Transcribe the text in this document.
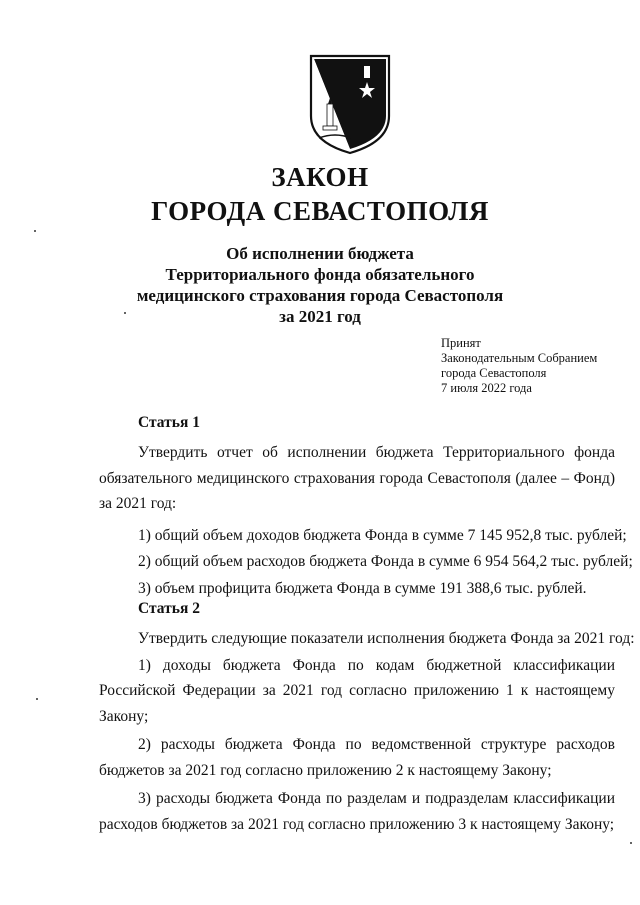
ЗАКОН
ГОРОДА СЕВАСТОПОЛЯ
Об исполнении бюджета
Территориального фонда обязательного
медицинского страхования города Севастополя
за 2021 год
Принят
Законодательным Собранием
города Севастополя
7 июля 2022 года
Статья 1
Утвердить отчет об исполнении бюджета Территориального фонда
обязательного медицинского страхования города Севастополя (далее – Фонд)
за 2021 год:
1) общий объем доходов бюджета Фонда в сумме 7 145 952,8 тыс. рублей;
2) общий объем расходов бюджета Фонда в сумме 6 954 564,2 тыс. рублей;
3) объем профицита бюджета Фонда в сумме 191 388,6 тыс. рублей.
Статья 2
Утвердить следующие показатели исполнения бюджета Фонда за 2021 год:
1) доходы бюджета Фонда по кодам бюджетной классификации
Российской Федерации за 2021 год согласно приложению 1 к настоящему
Закону;
2) расходы бюджета Фонда по ведомственной структуре расходов
бюджетов за 2021 год согласно приложению 2 к настоящему Закону;
3) расходы бюджета Фонда по разделам и подразделам классификации
расходов бюджетов за 2021 год согласно приложению 3 к настоящему Закону;
